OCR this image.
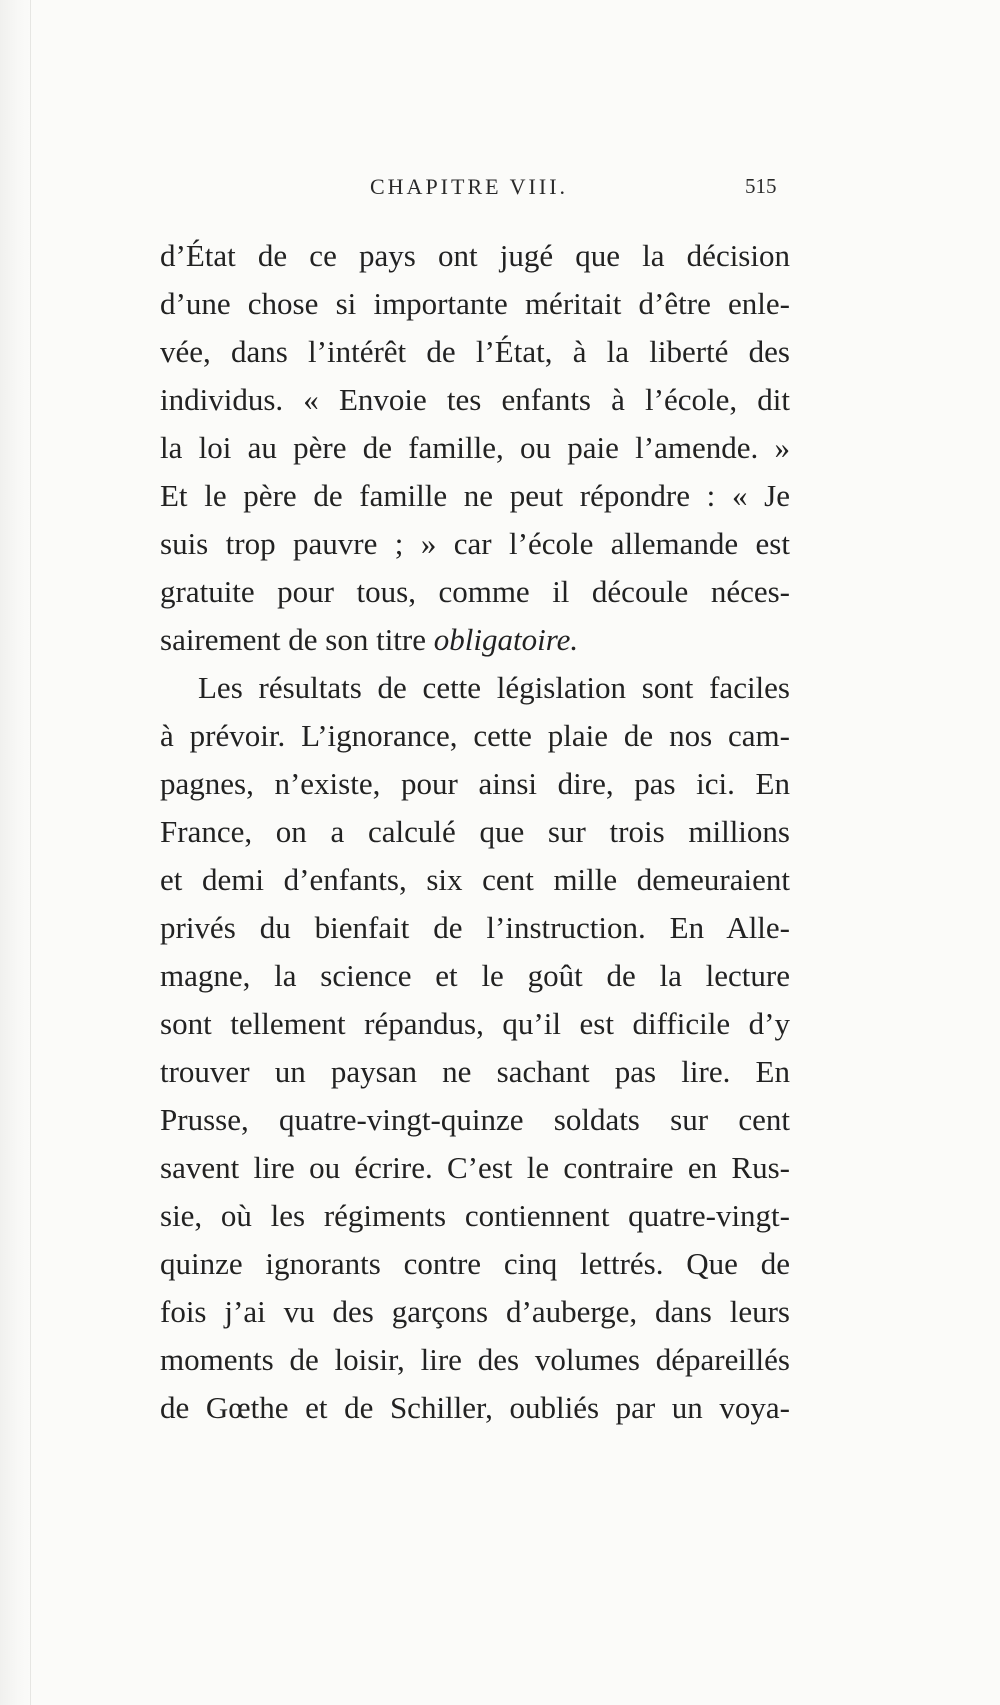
CHAPITRE VIII.	515
d’État de ce pays ont jugé que la décision
d’une chose si importante méritait d’être enle-
vée, dans l’intérêt de l’État, à la liberté des
individus. « Envoie tes enfants à l’école, dit
la loi au père de famille, ou paie l’amende. »
Et le père de famille ne peut répondre : « Je
suis trop pauvre ; » car l’école allemande est
gratuite pour tous, comme il découle néces-
sairement de son titre obligatoire.
Les résultats de cette législation sont faciles
à prévoir. L’ignorance, cette plaie de nos cam-
pagnes, n’existe, pour ainsi dire, pas ici. En
France, on a calculé que sur trois millions
et demi d’enfants, six cent mille demeuraient
privés du bienfait de l’instruction. En Alle-
magne, la science et le goût de la lecture
sont tellement répandus, qu’il est difficile d’y
trouver un paysan ne sachant pas lire. En
Prusse, quatre-vingt-quinze soldats sur cent
savent lire ou écrire. C’est le contraire en Rus-
sie, où les régiments contiennent quatre-vingt-
quinze ignorants contre cinq lettrés. Que de
fois j’ai vu des garçons d’auberge, dans leurs
moments de loisir, lire des volumes dépareillés
de Gœthe et de Schiller, oubliés par un voya-
